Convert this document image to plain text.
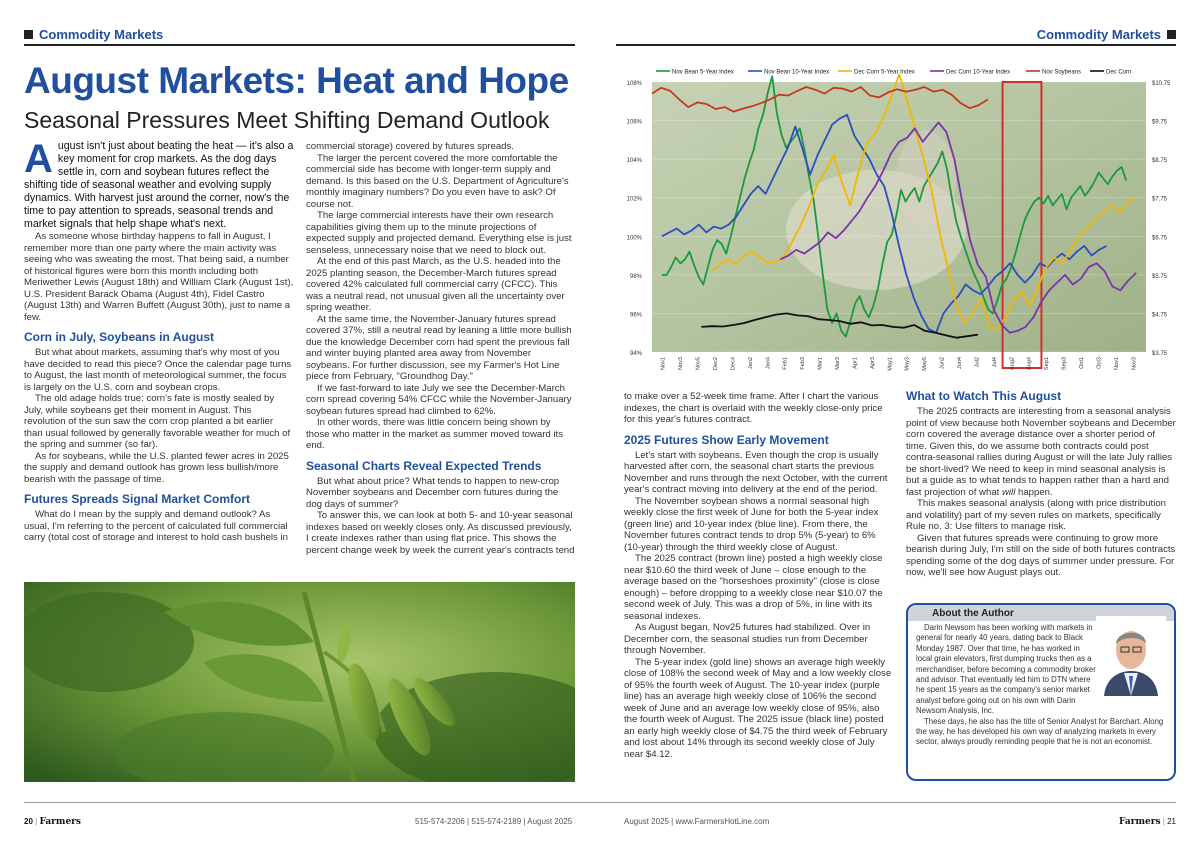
Commodity Markets	Commodity Markets
August Markets: Heat and Hope
Seasonal Pressures Meet Shifting Demand Outlook

August isn't just about beating the heat — it's also a key moment for crop markets. As the dog days settle in, corn and soybean futures reflect the shifting tide of seasonal weather and evolving supply dynamics. With harvest just around the corner, now's the time to pay attention to spreads, seasonal trends and market signals that help shape what's next.

As someone whose birthday happens to fall in August, I remember more than one party where the main activity was seeing who was sweating the most. That being said, a number of historical figures were born this month including both Meriwether Lewis (August 18th) and William Clark (August 1st), U.S. President Barack Obama (August 4th), Fidel Castro (August 13th) and Warren Buffett (August 30th), just to name a few.

Corn in July, Soybeans in August

But what about markets, assuming that's why most of you have decided to read this piece? Once the calendar page turns to August, the last month of meteorological summer, the focus is largely on the U.S. corn and soybean crops.

The old adage holds true: corn's fate is mostly sealed by July, while soybeans get their moment in August. This revolution of the sun saw the corn crop planted a bit earlier than usual followed by generally favorable weather for much of the spring and summer (so far).

As for soybeans, while the U.S. planted fewer acres in 2025 the supply and demand outlook has grown less bullish/more bearish with the passage of time.

Futures Spreads Signal Market Comfort

What do I mean by the supply and demand outlook? As usual, I'm referring to the percent of calculated full commercial carry (total cost of storage and interest to hold cash bushels in

commercial storage) covered by futures spreads.

The larger the percent covered the more comfortable the commercial side has become with longer-term supply and demand. Is this based on the U.S. Department of Agriculture's monthly imaginary numbers? Do you even have to ask? Of course not.

The large commercial interests have their own research capabilities giving them up to the minute projections of expected supply and projected demand. Everything else is just senseless, unnecessary noise that we need to block out.

At the end of this past March, as the U.S. headed into the 2025 planting season, the December-March futures spread covered 42% calculated full commercial carry (CFCC). This was a neutral read, not unusual given all the uncertainty over spring weather.

At the same time, the November-January futures spread covered 37%, still a neutral read by leaning a little more bullish due the knowledge December corn had spent the previous fall and winter buying planted area away from November soybeans. For further discussion, see my Farmer's Hot Line piece from February, "Groundhog Day."

If we fast-forward to late July we see the December-March corn spread covering 54% CFCC while the November-January soybean futures spread had climbed to 62%.

In other words, there was little concern being shown by those who matter in the market as summer moved toward its end.

Seasonal Charts Reveal Expected Trends

But what about price? What tends to happen to new-crop November soybeans and December corn futures during the dog days of summer?

To answer this, we can look at both 5- and 10-year seasonal indexes based on weekly closes only. As discussed previously, I create indexes rather than using flat price. This shows the percent change week by week the current year's contracts tend

108%
106%
104%
102%
100%
98%
96%
94%
$10.75
$9.75
$8.75
$7.75
$6.75
$5.75
$4.75
$3.75
Nov1 Nov3 Nov5 Dec2 Dec4 Jan2 Jan4 Feb1 Feb3 Mar1 Mar3 Apr1 Apr3 May1 May3 May5 Jun2 Jun4 Jul2 Jul4 Aug2 Aug4 Sep1 Sep3 Oct1 Oct3 Nov1 Nov3
Nov Bean 5-Year Index	Nov Bean 10-Year Index	Dec Corn 5-Year Index	Dec Corn 10-Year Index	Nov Soybeans	Dec Corn

to make over a 52-week time frame. After I chart the various indexes, the chart is overlaid with the weekly close-only price for this year's futures contract.

2025 Futures Show Early Movement

Let's start with soybeans. Even though the crop is usually harvested after corn, the seasonal chart starts the previous November and runs through the next October, with the current year's contract moving into delivery at the end of the period.

The November soybean shows a normal seasonal high weekly close the first week of June for both the 5-year index (green line) and 10-year index (blue line). From there, the November futures contract tends to drop 5% (5-year) to 6% (10-year) through the third weekly close of August.

The 2025 contract (brown line) posted a high weekly close near $10.60 the third week of June – close enough to the average based on the "horseshoes proximity" (close is close enough) – before dropping to a weekly close near $10.07 the second week of July. This was a drop of 5%, in line with its seasonal indexes.

As August began, Nov25 futures had stabilized. Over in December corn, the seasonal studies run from December through November.

The 5-year index (gold line) shows an average high weekly close of 108% the second week of May and a low weekly close of 95% the fourth week of August. The 10-year index (purple line) has an average high weekly close of 106% the second week of June and an average low weekly close of 95%, also the fourth week of August. The 2025 issue (black line) posted an early high weekly close of $4.75 the third week of February and lost about 14% through its second weekly close of July near $4.12.

What to Watch This August

The 2025 contracts are interesting from a seasonal analysis point of view because both November soybeans and December corn covered the average distance over a shorter period of time. Given this, do we assume both contracts could post contra-seasonal rallies during August or will the late July rallies be short-lived? We need to keep in mind seasonal analysis is but a guide as to what tends to happen rather than a hard and fast projection of what will happen.

This makes seasonal analysis (along with price distribution and volatility) part of my seven rules on markets, specifically Rule no. 3: Use filters to manage risk.

Given that futures spreads were continuing to grow more bearish during July, I'm still on the side of both futures contracts spending some of the dog days of summer under pressure. For now, we'll see how August plays out.

About the Author

Darin Newsom has been working with markets in general for nearly 40 years, dating back to Black Monday 1987. Over that time, he has worked in local grain elevators, first dumping trucks then as a merchandiser, before becoming a commodity broker and advisor. That eventually led him to DTN where he spent 15 years as the company's senior market analyst before going out on his own with Darin Newsom Analysis, Inc.

These days, he also has the title of Senior Analyst for Barchart. Along the way, he has developed his own way of analyzing markets in every sector, always proudly reminding people that he is not an economist.

20 | Farmers	515-574-2206 | 515-574-2189 | August 2025	August 2025 | www.FarmersHotLine.com	Farmers | 21
